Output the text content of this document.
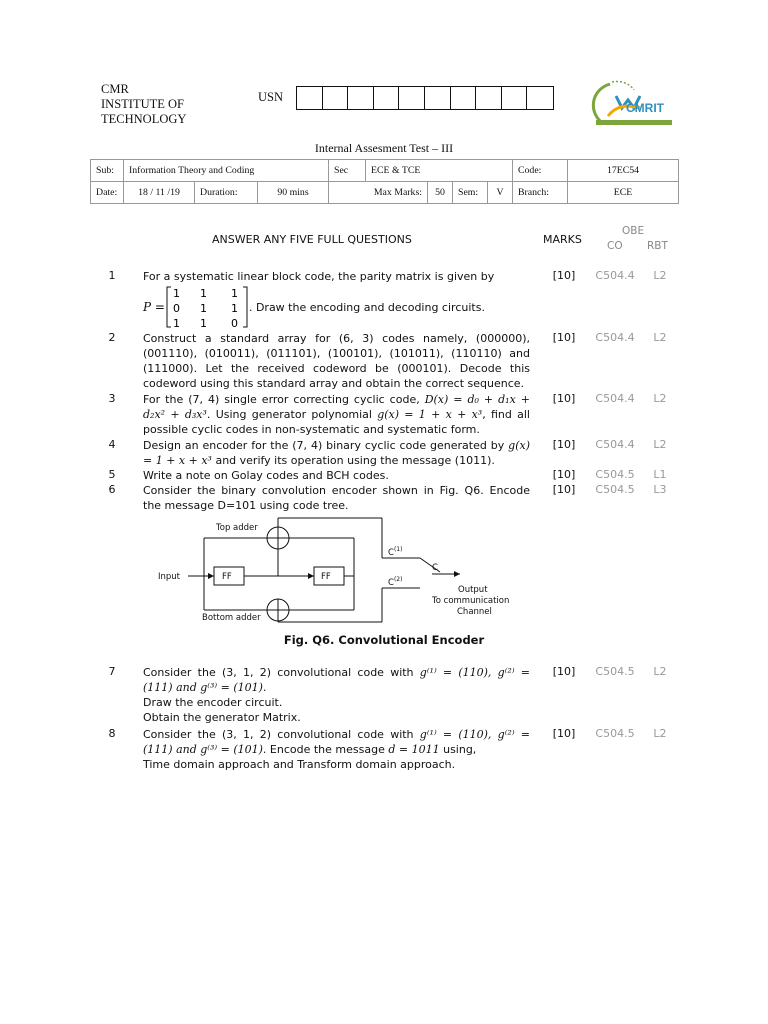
CMR
INSTITUTE OF
TECHNOLOGY
USN
CMRIT
Internal Assesment Test – III
Sub:	Information Theory and Coding			Sec	ECE & TCE				Code:	17EC54
Date:	18 / 11 /19	Duration:	90 mins	Max Marks:		50	Sem:	V	Branch:	ECE
ANSWER ANY FIVE FULL QUESTIONS	MARKS
OBE
CO RBT
1	For a systematic linear block code, the parity matrix is given by

P =
1 1 1
0 1 1
1 1 0
. Draw the encoding and decoding circuits.
[10]	C504.4	L2
2	Construct a standard array for (6, 3) codes namely, (000000), (001110), (010011), (011101), (100101), (101011), (110110) and (111000). Let the received codeword be (000101). Decode this codeword using this standard array and obtain the correct sequence.
[10]	C504.4	L2
3	For the (7, 4) single error correcting cyclic code, D(x) = d₀ + d₁x + d₂x² + d₃x³. Using generator polynomial g(x) = 1 + x + x³, find all possible cyclic codes in non-systematic and systematic form.
[10]	C504.4	L2
4	Design an encoder for the (7, 4) binary cyclic code generated by g(x) = 1 + x + x³ and verify its operation using the message (1011).
[10]	C504.4	L2
5	Write a note on Golay codes and BCH codes.	[10]	C504.5	L1
6	Consider the binary convolution encoder shown in Fig. Q6. Encode the message D=101 using code tree.
[10]	C504.5	L3
Top adder
Bottom adder
Input	FF	FF
$C^{(1)}$
$C^{(2)}$
C
Output
To communication
Channel
Fig. Q6. Convolutional Encoder
7	Consider the (3, 1, 2) convolutional code with g⁽¹⁾ = (110), g⁽²⁾ = (111) and g⁽³⁾ = (101).

Draw the encoder circuit.

Obtain the generator Matrix.

[10]	C504.5	L2
8	Consider the (3, 1, 2) convolutional code with g⁽¹⁾ = (110), g⁽²⁾ = (111) and g⁽³⁾ = (101). Encode the message d = 1011 using,

Time domain approach and Transform domain approach.

[10]	C504.5	L2
